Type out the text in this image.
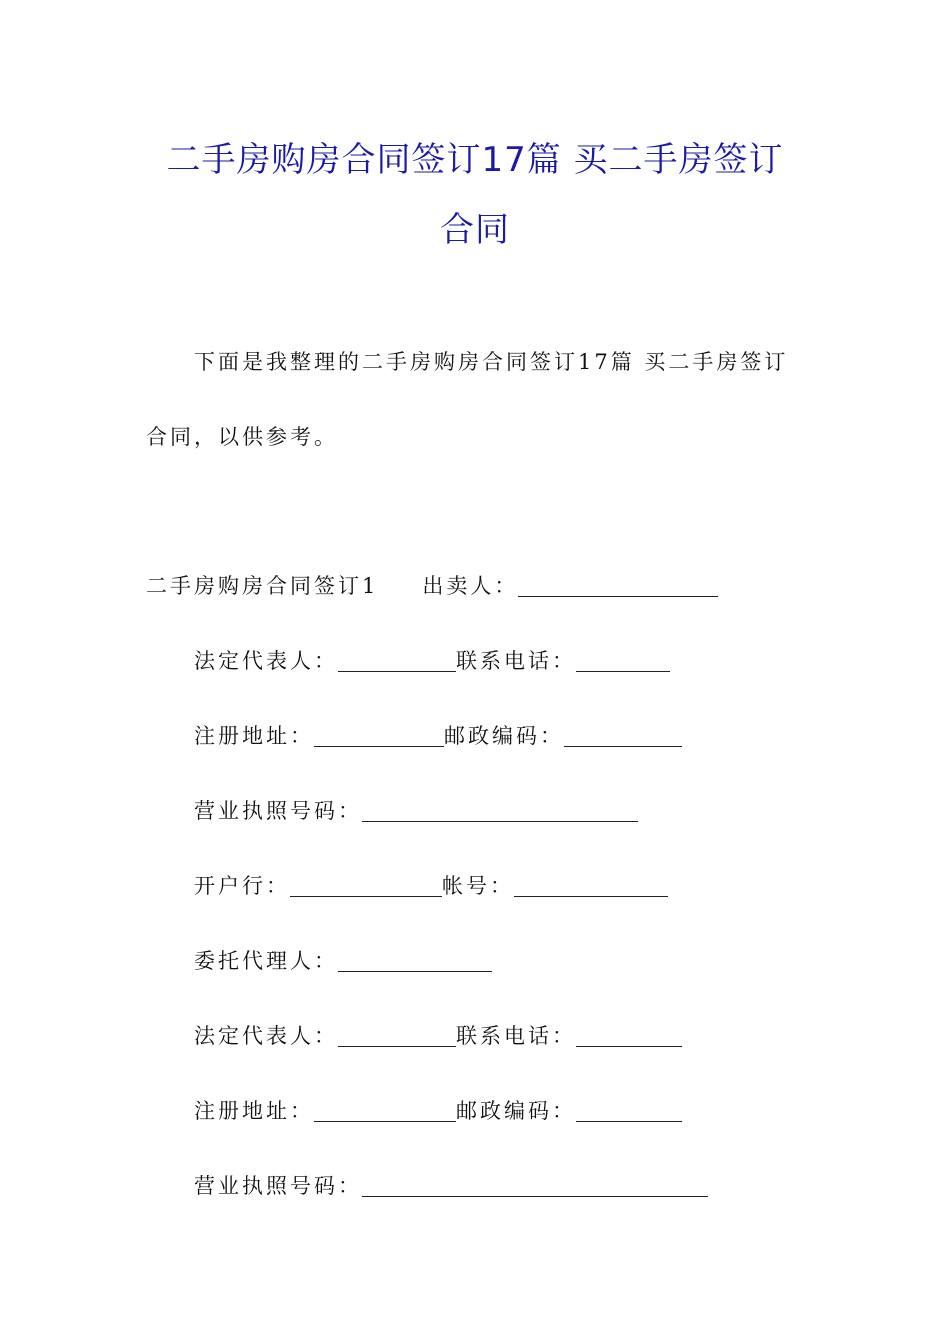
二手房购房合同签订17篇 买二手房签订
合同
下面是我整理的二手房购房合同签订17篇 买二手房签订
合同，以供参考。
二手房购房合同签订1 出卖人：
法定代表人：	联系电话：
注册地址：	邮政编码：
营业执照号码：
开户行：	帐号：
委托代理人：
法定代表人：	联系电话：
注册地址：	邮政编码：
营业执照号码：
